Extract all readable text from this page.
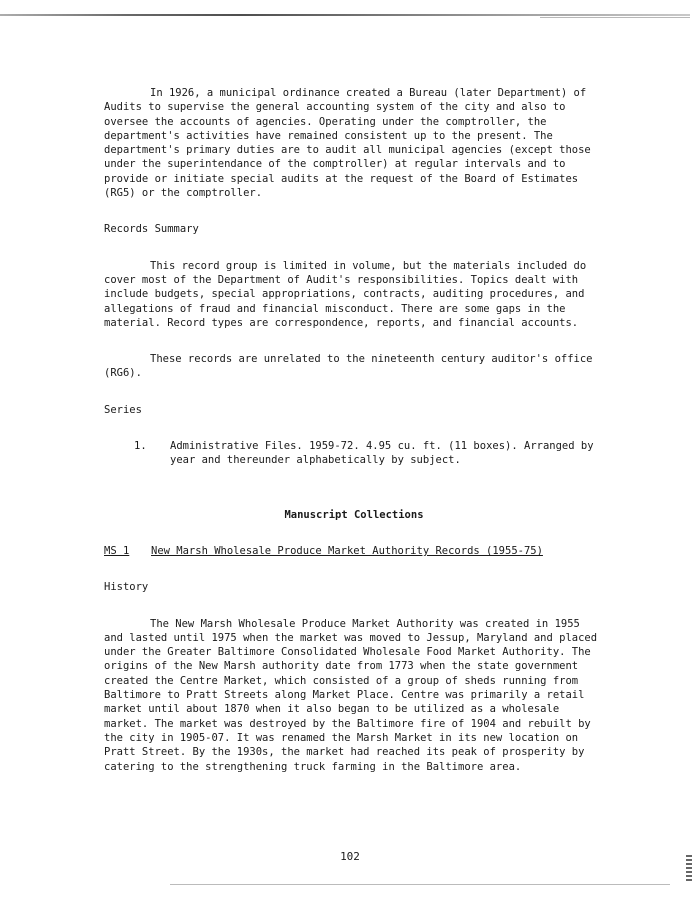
In 1926, a municipal ordinance created a Bureau (later Department) of Audits to supervise the general accounting system of the city and also to oversee the accounts of agencies. Operating under the comptroller, the department's activities have remained consistent up to the present. The department's primary duties are to audit all municipal agencies (except those under the superintendance of the comptroller) at regular intervals and to provide or initiate special audits at the request of the Board of Estimates (RG5) or the comptroller.

Records Summary

This record group is limited in volume, but the materials included do cover most of the Department of Audit's responsibilities. Topics dealt with include budgets, special appropriations, contracts, auditing procedures, and allegations of fraud and financial misconduct. There are some gaps in the material. Record types are correspondence, reports, and financial accounts.

These records are unrelated to the nineteenth century auditor's office (RG6).

Series

1.	Administrative Files. 1959-72. 4.95 cu. ft. (11 boxes). Arranged by year and thereunder alphabetically by subject.

Manuscript Collections

MS 1	New Marsh Wholesale Produce Market Authority Records (1955-75)

History

The New Marsh Wholesale Produce Market Authority was created in 1955 and lasted until 1975 when the market was moved to Jessup, Maryland and placed under the Greater Baltimore Consolidated Wholesale Food Market Authority. The origins of the New Marsh authority date from 1773 when the state government created the Centre Market, which consisted of a group of sheds running from Baltimore to Pratt Streets along Market Place. Centre was primarily a retail market until about 1870 when it also began to be utilized as a wholesale market. The market was destroyed by the Baltimore fire of 1904 and rebuilt by the city in 1905-07. It was renamed the Marsh Market in its new location on Pratt Street. By the 1930s, the market had reached its peak of prosperity by catering to the strengthening truck farming in the Baltimore area.

102
